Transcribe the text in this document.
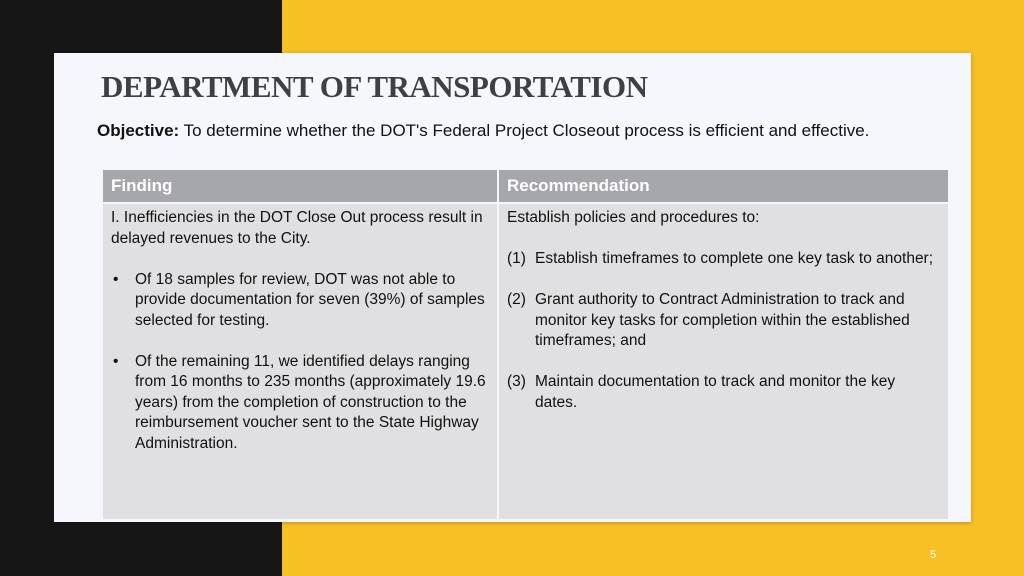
DEPARTMENT OF TRANSPORTATION

Objective: To determine whether the DOT's Federal Project Closeout process is efficient and effective.

Finding	Recommendation

I. Inefficiencies in the DOT Close Out process result in delayed revenues to the City.

• Of 18 samples for review, DOT was not able to provide documentation for seven (39%) of samples selected for testing.
• Of the remaining 11, we identified delays ranging from 16 months to 235 months (approximately 19.6 years) from the completion of construction to the reimbursement voucher sent to the State Highway Administration.

Establish policies and procedures to:

(1) Establish timeframes to complete one key task to another;
(2) Grant authority to Contract Administration to track and monitor key tasks for completion within the established timeframes; and
(3) Maintain documentation to track and monitor the key dates.
5
